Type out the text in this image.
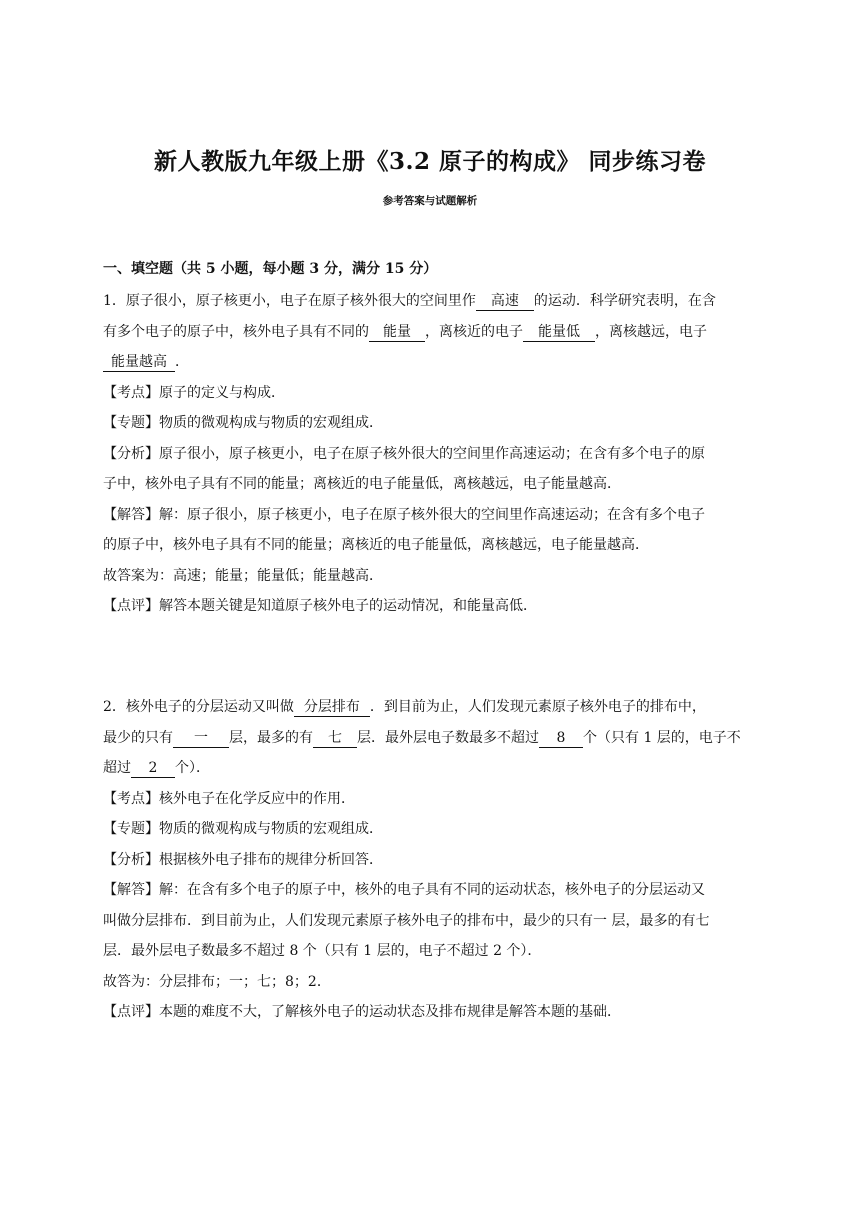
新人教版九年级上册《3.2 原子的构成》 同步练习卷
参考答案与试题解析
一、填空题（共 5 小题，每小题 3 分，满分 15 分）
1．原子很小，原子核更小，电子在原子核外很大的空间里作 高速 的运动．科学研究表明，在含
有多个电子的原子中，核外电子具有不同的 能量 ，离核近的电子 能量低 ，离核越远，电子
能量越高 ．
【考点】原子的定义与构成．
【专题】物质的微观构成与物质的宏观组成．
【分析】原子很小，原子核更小，电子在原子核外很大的空间里作高速运动；在含有多个电子的原
子中，核外电子具有不同的能量；离核近的电子能量低，离核越远，电子能量越高．
【解答】解：原子很小，原子核更小，电子在原子核外很大的空间里作高速运动；在含有多个电子
的原子中，核外电子具有不同的能量；离核近的电子能量低，离核越远，电子能量越高．
故答案为：高速；能量；能量低；能量越高．
【点评】解答本题关键是知道原子核外电子的运动情况，和能量高低．
2．核外电子的分层运动又叫做 分层排布 ．到目前为止，人们发现元素原子核外电子的排布中，
最少的只有 一 层，最多的有 七 层．最外层电子数最多不超过 8 个（只有 1 层的，电子不
超过 2 个）．
【考点】核外电子在化学反应中的作用．
【专题】物质的微观构成与物质的宏观组成．
【分析】根据核外电子排布的规律分析回答．
【解答】解：在含有多个电子的原子中，核外的电子具有不同的运动状态，核外电子的分层运动又
叫做分层排布．到目前为止，人们发现元素原子核外电子的排布中，最少的只有一 层，最多的有七
层．最外层电子数最多不超过 8 个（只有 1 层的，电子不超过 2 个）．
故答为：分层排布；一；七；8；2．
【点评】本题的难度不大，了解核外电子的运动状态及排布规律是解答本题的基础．
